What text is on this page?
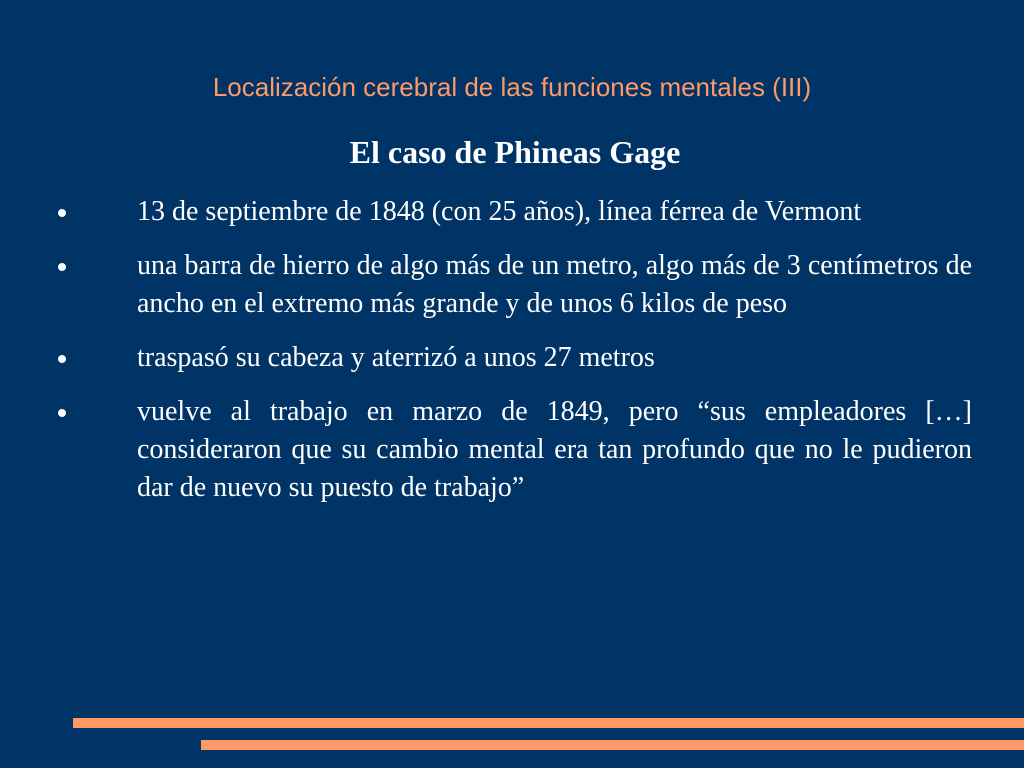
Localización cerebral de las funciones mentales (III)
El caso de Phineas Gage
13 de septiembre de 1848 (con 25 años), línea férrea de Vermont
una barra de hierro de algo más de un metro, algo más de 3 centímetros de ancho en el extremo más grande y de unos 6 kilos de peso
traspasó su cabeza y aterrizó a unos 27 metros
vuelve al trabajo en marzo de 1849, pero “sus empleadores […] consideraron que su cambio mental era tan profundo que no le pudieron dar de nuevo su puesto de trabajo”
